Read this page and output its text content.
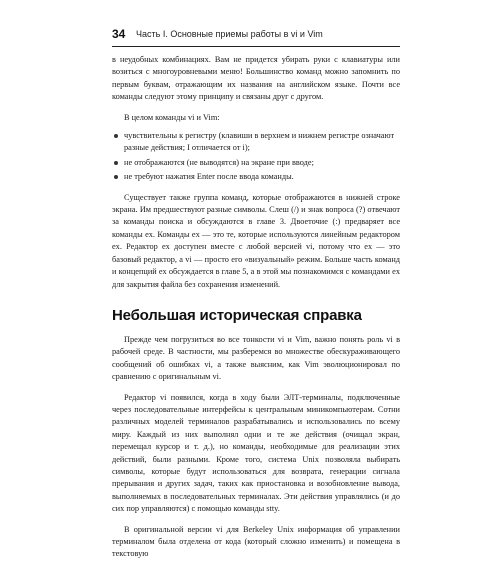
34 Часть I. Основные приемы работы в vi и Vim

в неудобных комбинациях. Вам не придется убирать руки с клавиатуры или возиться с многоуровневыми меню! Большинство команд можно запомнить по первым буквам, отражающим их названия на английском языке. Почти все команды следуют этому принципу и связаны друг с другом.

В целом команды vi и Vim:

чувствительны к регистру (клавиши в верхнем и нижнем регистре означают разные действия; I отличается от i);
не отображаются (не выводятся) на экране при вводе;
не требуют нажатия Enter после ввода команды.

Существует также группа команд, которые отображаются в нижней строке экрана. Им предшествуют разные символы. Слеш (/) и знак вопроса (?) отвечают за команды поиска и обсуждаются в главе 3. Двоеточие (:) предваряет все команды ex. Команды ex — это те, которые используются линейным редактором ex. Редактор ex доступен вместе с любой версией vi, потому что ex — это базовый редактор, а vi — просто его «визуальный» режим. Больше часть команд и концепций ex обсуждается в главе 5, а в этой мы познакомимся с командами ex для закрытия файла без сохранения изменений.

Небольшая историческая справка

Прежде чем погрузиться во все тонкости vi и Vim, важно понять роль vi в рабочей среде. В частности, мы разберемся во множестве обескураживающего сообщений об ошибках vi, а также выясним, как Vim эволюционировал по сравнению с оригинальным vi.

Редактор vi появился, когда в ходу были ЭЛТ-терминалы, подключенные через последовательные интерфейсы к центральным миникомпьютерам. Сотни различных моделей терминалов разрабатывались и использовались по всему миру. Каждый из них выполнял одни и те же действия (очищал экран, перемещал курсор и т. д.), но команды, необходимые для реализации этих действий, были разными. Кроме того, система Unix позволяла выбирать символы, которые будут использоваться для возврата, генерации сигнала прерывания и других задач, таких как приостановка и возобновление вывода, выполняемых в последовательных терминалах. Эти действия управлялись (и до сих пор управляются) с помощью команды stty.

В оригинальной версии vi для Berkeley Unix информация об управлении терминалом была отделена от кода (который сложно изменить) и помещена в текстовую
